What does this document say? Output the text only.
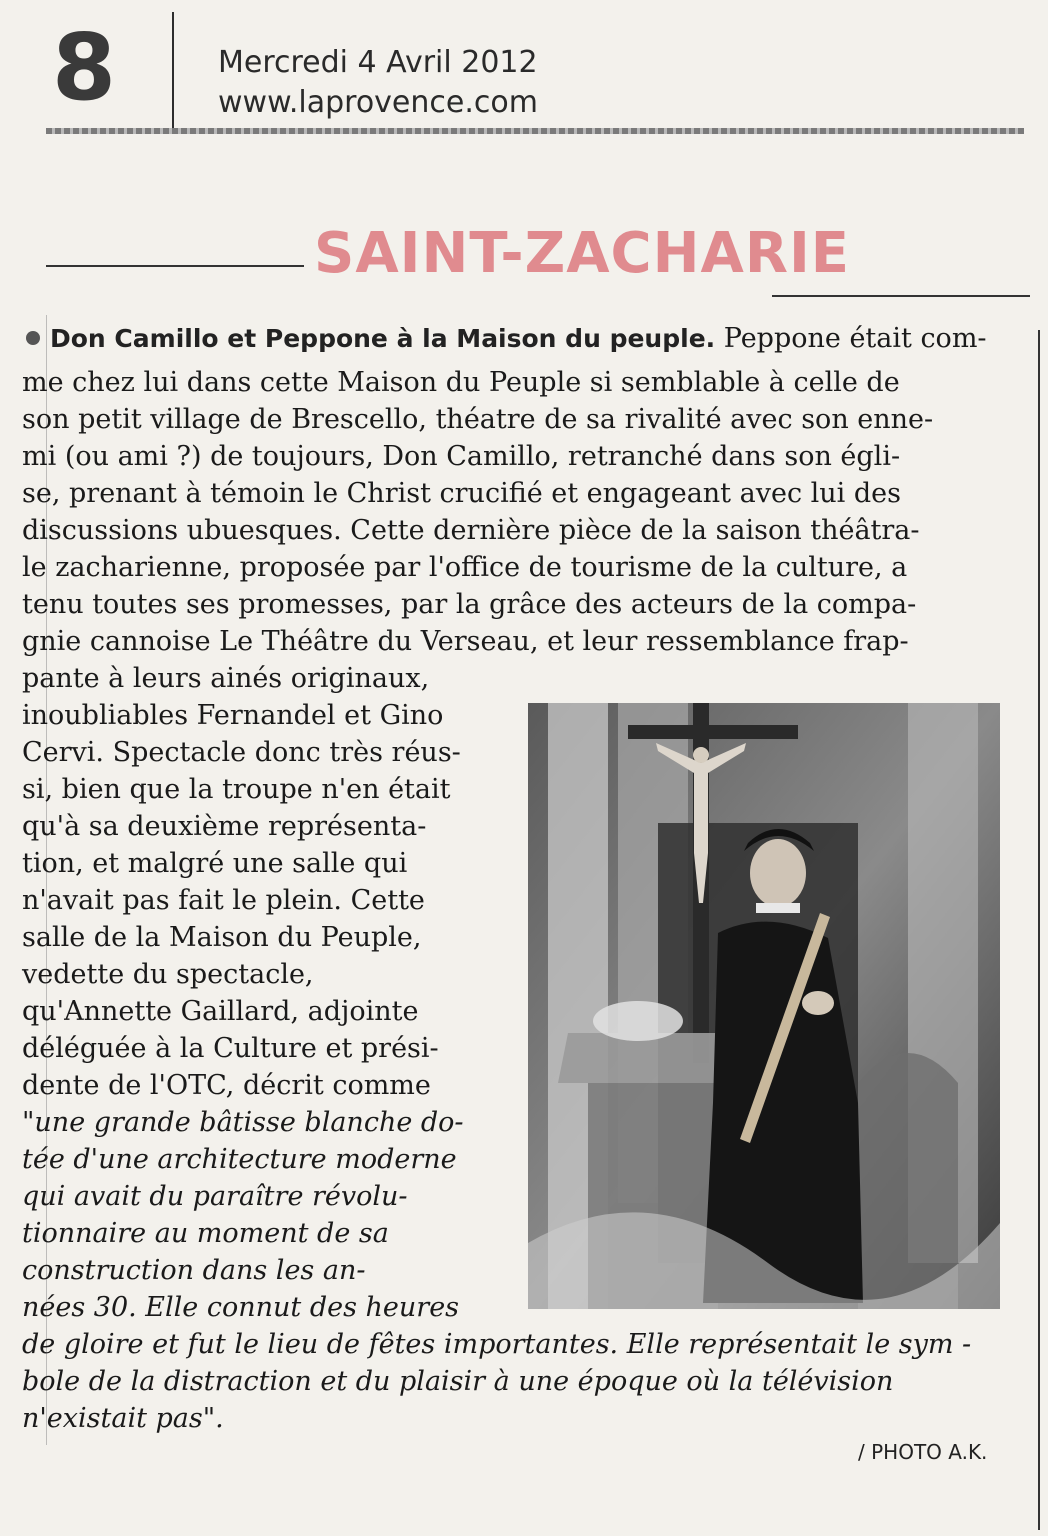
8	Mercredi 4 Avril 2012
www.laprovence.com
SAINT-ZACHARIE
Don Camillo et Peppone à la Maison du peuple. Peppone était com-
me chez lui dans cette Maison du Peuple si semblable à celle de
son petit village de Brescello, théatre de sa rivalité avec son enne-
mi (ou ami ?) de toujours, Don Camillo, retranché dans son égli-
se, prenant à témoin le Christ crucifié et engageant avec lui des
discussions ubuesques. Cette dernière pièce de la saison théâtra-
le zacharienne, proposée par l'office de tourisme de la culture, a
tenu toutes ses promesses, par la grâce des acteurs de la compa-
gnie cannoise Le Théâtre du Verseau, et leur ressemblance frap-
pante à leurs ainés originaux,
inoubliables Fernandel et Gino
Cervi. Spectacle donc très réus-
si, bien que la troupe n'en était
qu'à sa deuxième représenta-
tion, et malgré une salle qui
n'avait pas fait le plein. Cette
salle de la Maison du Peuple,
vedette du spectacle,
qu'Annette Gaillard, adjointe
déléguée à la Culture et prési-
dente de l'OTC, décrit comme
"une grande bâtisse blanche do-
tée d'une architecture moderne
qui avait du paraître révolu-
tionnaire au moment de sa
construction dans les an-
nées 30. Elle connut des heures
de gloire et fut le lieu de fêtes importantes. Elle représentait le sym -
bole de la distraction et du plaisir à une époque où la télévision
n'existait pas".
/ PHOTO A.K.
